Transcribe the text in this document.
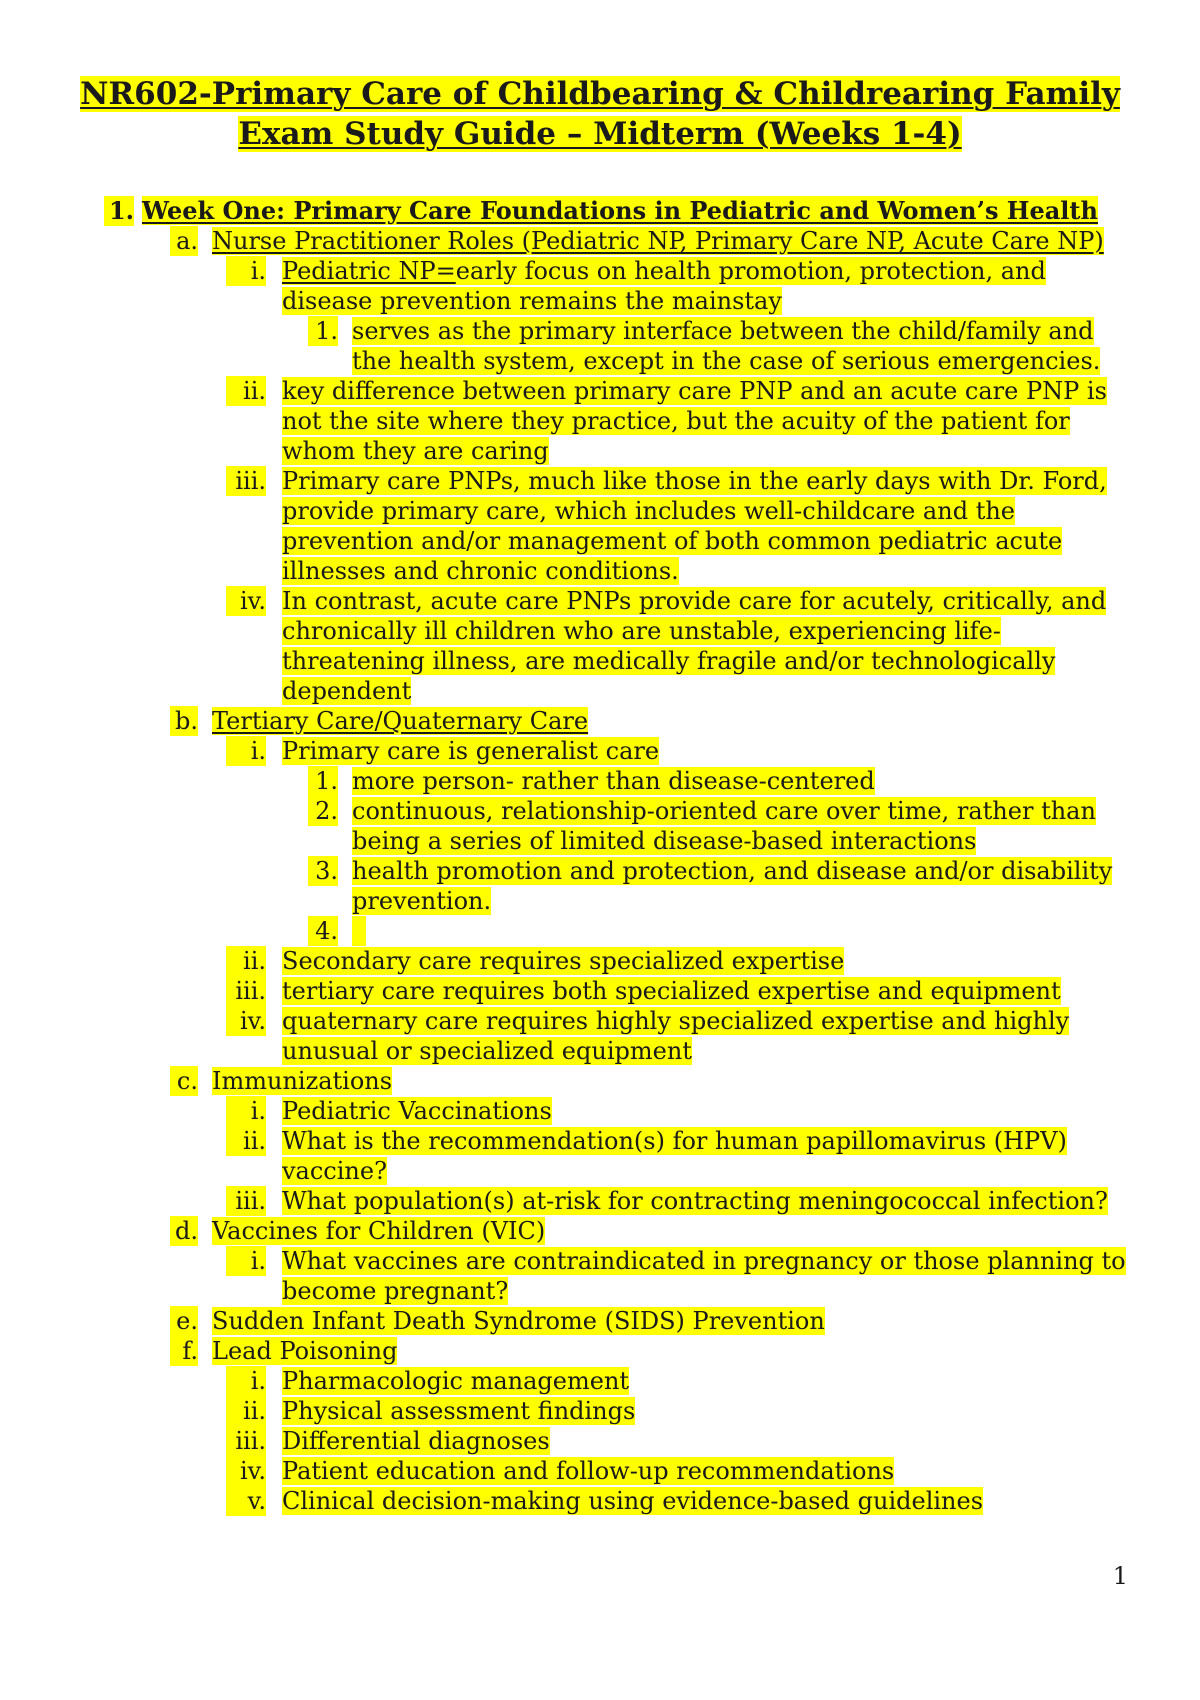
NR602-Primary Care of Childbearing & Childrearing Family
Exam Study Guide – Midterm (Weeks 1-4)
1. Week One: Primary Care Foundations in Pediatric and Women’s Health
a. Nurse Practitioner Roles (Pediatric NP, Primary Care NP, Acute Care NP)
i. Pediatric NP=early focus on health promotion, protection, and disease prevention remains the mainstay
1. serves as the primary interface between the child/family and the health system, except in the case of serious emergencies.
ii. key difference between primary care PNP and an acute care PNP is not the site where they practice, but the acuity of the patient for whom they are caring
iii. Primary care PNPs, much like those in the early days with Dr. Ford, provide primary care, which includes well-childcare and the prevention and/or management of both common pediatric acute illnesses and chronic conditions.
iv. In contrast, acute care PNPs provide care for acutely, critically, and chronically ill children who are unstable, experiencing life-threatening illness, are medically fragile and/or technologically dependent
b. Tertiary Care/Quaternary Care
i. Primary care is generalist care
1. more person- rather than disease-centered
2. continuous, relationship-oriented care over time, rather than being a series of limited disease-based interactions
3. health promotion and protection, and disease and/or disability prevention.
4.
ii. Secondary care requires specialized expertise
iii. tertiary care requires both specialized expertise and equipment
iv. quaternary care requires highly specialized expertise and highly unusual or specialized equipment
c. Immunizations
i. Pediatric Vaccinations
ii. What is the recommendation(s) for human papillomavirus (HPV) vaccine?
iii. What population(s) at-risk for contracting meningococcal infection?
d. Vaccines for Children (VIC)
i. What vaccines are contraindicated in pregnancy or those planning to become pregnant?
e. Sudden Infant Death Syndrome (SIDS) Prevention
f. Lead Poisoning
i. Pharmacologic management
ii. Physical assessment findings
iii. Differential diagnoses
iv. Patient education and follow-up recommendations
v. Clinical decision-making using evidence-based guidelines
1
